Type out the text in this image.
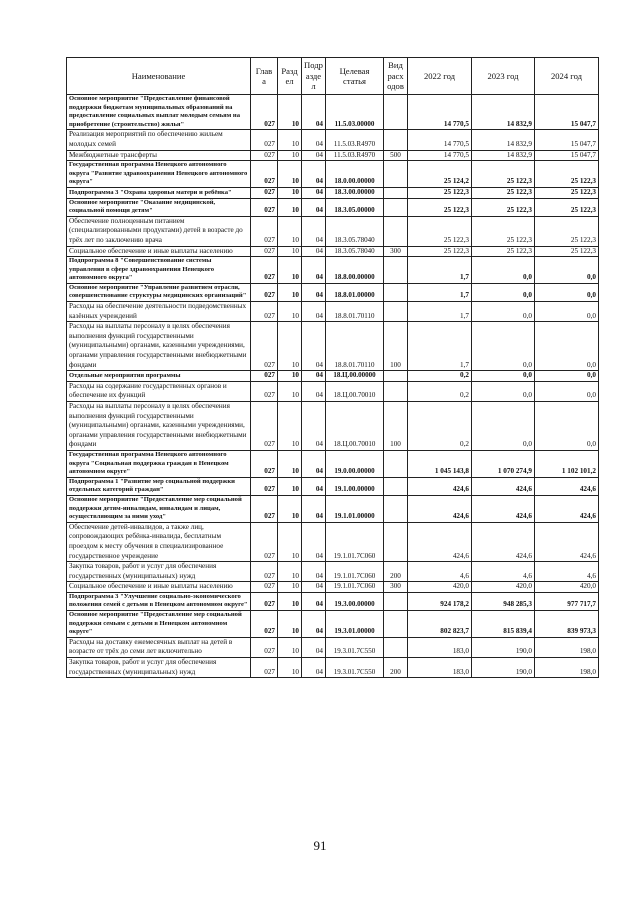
Наименование	Глав а	Разд ел	Подр азде л	Целевая статья	Вид расх одов	2022 год	2023 год	2024 год
Основное мероприятие "Предоставление финансовой поддержки бюджетам муниципальных образований на предоставление социальных выплат молодым семьям на приобретение (строительство) жилья"	027	10	04	11.5.03.00000		14 770,5	14 832,9	15 047,7
Реализация мероприятий по обеспечению жильем молодых семей	027	10	04	11.5.03.R4970		14 770,5	14 832,9	15 047,7
Межбюджетные трансферты	027	10	04	11.5.03.R4970	500	14 770,5	14 832,9	15 047,7
Государственная программа Ненецкого автономного округа "Развитие здравоохранения Ненецкого автономного округа"	027	10	04	18.0.00.00000		25 124,2	25 122,3	25 122,3
Подпрограмма 3 "Охрана здоровья матери и ребёнка"	027	10	04	18.3.00.00000		25 122,3	25 122,3	25 122,3
Основное мероприятие "Оказание медицинской, социальной помощи детям"	027	10	04	18.3.05.00000		25 122,3	25 122,3	25 122,3
Обеспечение полноценным питанием (специализированными продуктами) детей в возрасте до трёх лет по заключению врача	027	10	04	18.3.05.78040		25 122,3	25 122,3	25 122,3
Социальное обеспечение и иные выплаты населению	027	10	04	18.3.05.78040	300	25 122,3	25 122,3	25 122,3
Подпрограмма 8 "Совершенствование системы управления в сфере здравоохранения Ненецкого автономного округа"	027	10	04	18.8.00.00000		1,7	0,0	0,0
Основное мероприятие "Управление развитием отрасли, совершенствование структуры медицинских организаций"	027	10	04	18.8.01.00000		1,7	0,0	0,0
Расходы на обеспечение деятельности подведомственных казённых учреждений	027	10	04	18.8.01.70110		1,7	0,0	0,0
Расходы на выплаты персоналу в целях обеспечения выполнения функций государственными (муниципальными) органами, казенными учреждениями, органами управления государственными внебюджетными фондами	027	10	04	18.8.01.70110	100	1,7	0,0	0,0
Отдельные мероприятия программы	027	10	04	18.Ц.00.00000		0,2	0,0	0,0
Расходы на содержание государственных органов и обеспечение их функций	027	10	04	18.Ц.00.70010		0,2	0,0	0,0
Расходы на выплаты персоналу в целях обеспечения выполнения функций государственными (муниципальными) органами, казенными учреждениями, органами управления государственными внебюджетными фондами	027	10	04	18.Ц.00.70010	100	0,2	0,0	0,0
Государственная программа Ненецкого автономного округа "Социальная поддержка граждан в Ненецком автономном округе"	027	10	04	19.0.00.00000		1 045 143,8	1 070 274,9	1 102 101,2
Подпрограмма 1 "Развитие мер социальной поддержки отдельных категорий граждан"	027	10	04	19.1.00.00000		424,6	424,6	424,6
Основное мероприятие "Предоставление мер социальной поддержки детям-инвалидам, инвалидам и лицам, осуществляющим за ними уход"	027	10	04	19.1.01.00000		424,6	424,6	424,6
Обеспечение детей-инвалидов, а также лиц, сопровождающих ребёнка-инвалида, бесплатным проездом к месту обучения в специализированное государственное учреждение	027	10	04	19.1.01.7С060		424,6	424,6	424,6
Закупка товаров, работ и услуг для обеспечения государственных (муниципальных) нужд	027	10	04	19.1.01.7С060	200	4,6	4,6	4,6
Социальное обеспечение и иные выплаты населению	027	10	04	19.1.01.7С060	300	420,0	420,0	420,0
Подпрограмма 3 "Улучшение социально-экономического положения семей с детьми в Ненецком автономном округе"	027	10	04	19.3.00.00000		924 178,2	948 285,3	977 717,7
Основное мероприятие "Предоставление мер социальной поддержки семьям с детьми в Ненецком автономном округе"	027	10	04	19.3.01.00000		802 823,7	815 839,4	839 973,3
Расходы на доставку ежемесячных выплат на детей в возрасте от трёх до семи лет включительно	027	10	04	19.3.01.7С550		183,0	190,0	198,0
Закупка товаров, работ и услуг для обеспечения государственных (муниципальных) нужд	027	10	04	19.3.01.7С550	200	183,0	190,0	198,0
91
